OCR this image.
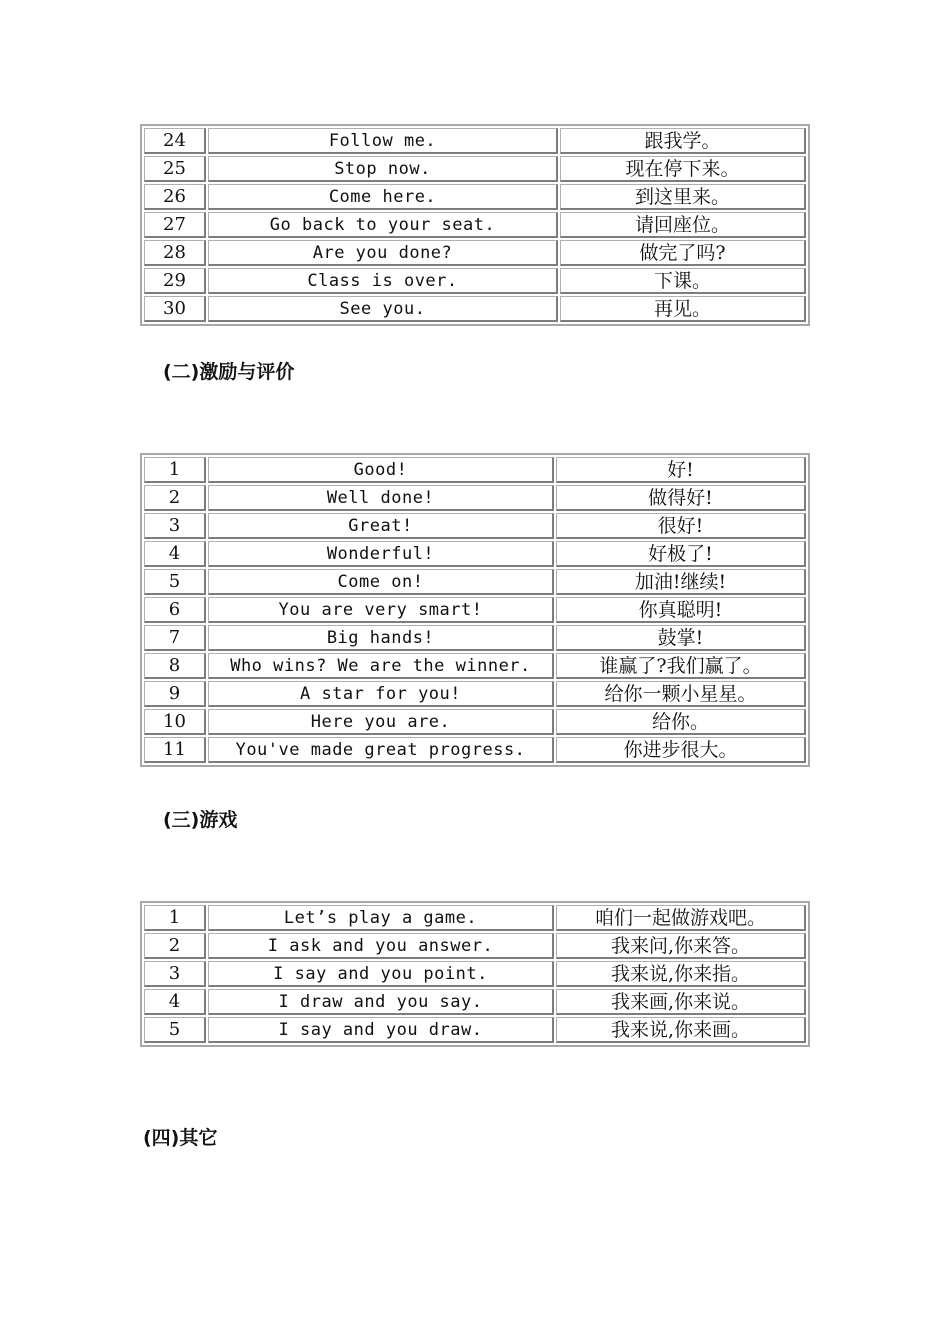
24	Follow me.	跟我学。
25	Stop now.	现在停下来。
26	Come here.	到这里来。
27	Go back to your seat.	请回座位。
28	Are you done?	做完了吗?
29	Class is over.	下课。
30	See you.	再见。
(二)激励与评价
1	Good!	好!
2	Well done!	做得好!
3	Great!	很好!
4	Wonderful!	好极了!
5	Come on!	加油!继续!
6	You are very smart!	你真聪明!
7	Big hands!	鼓掌!
8	Who wins? We are the winner.	谁赢了?我们赢了。
9	A star for you!	给你一颗小星星。
10	Here you are.	给你。
11	You've made great progress.	你进步很大。
(三)游戏
1	Let’s play a game.	咱们一起做游戏吧。
2	I ask and you answer.	我来问,你来答。
3	I say and you point.	我来说,你来指。
4	I draw and you say.	我来画,你来说。
5	I say and you draw.	我来说,你来画。
(四)其它
